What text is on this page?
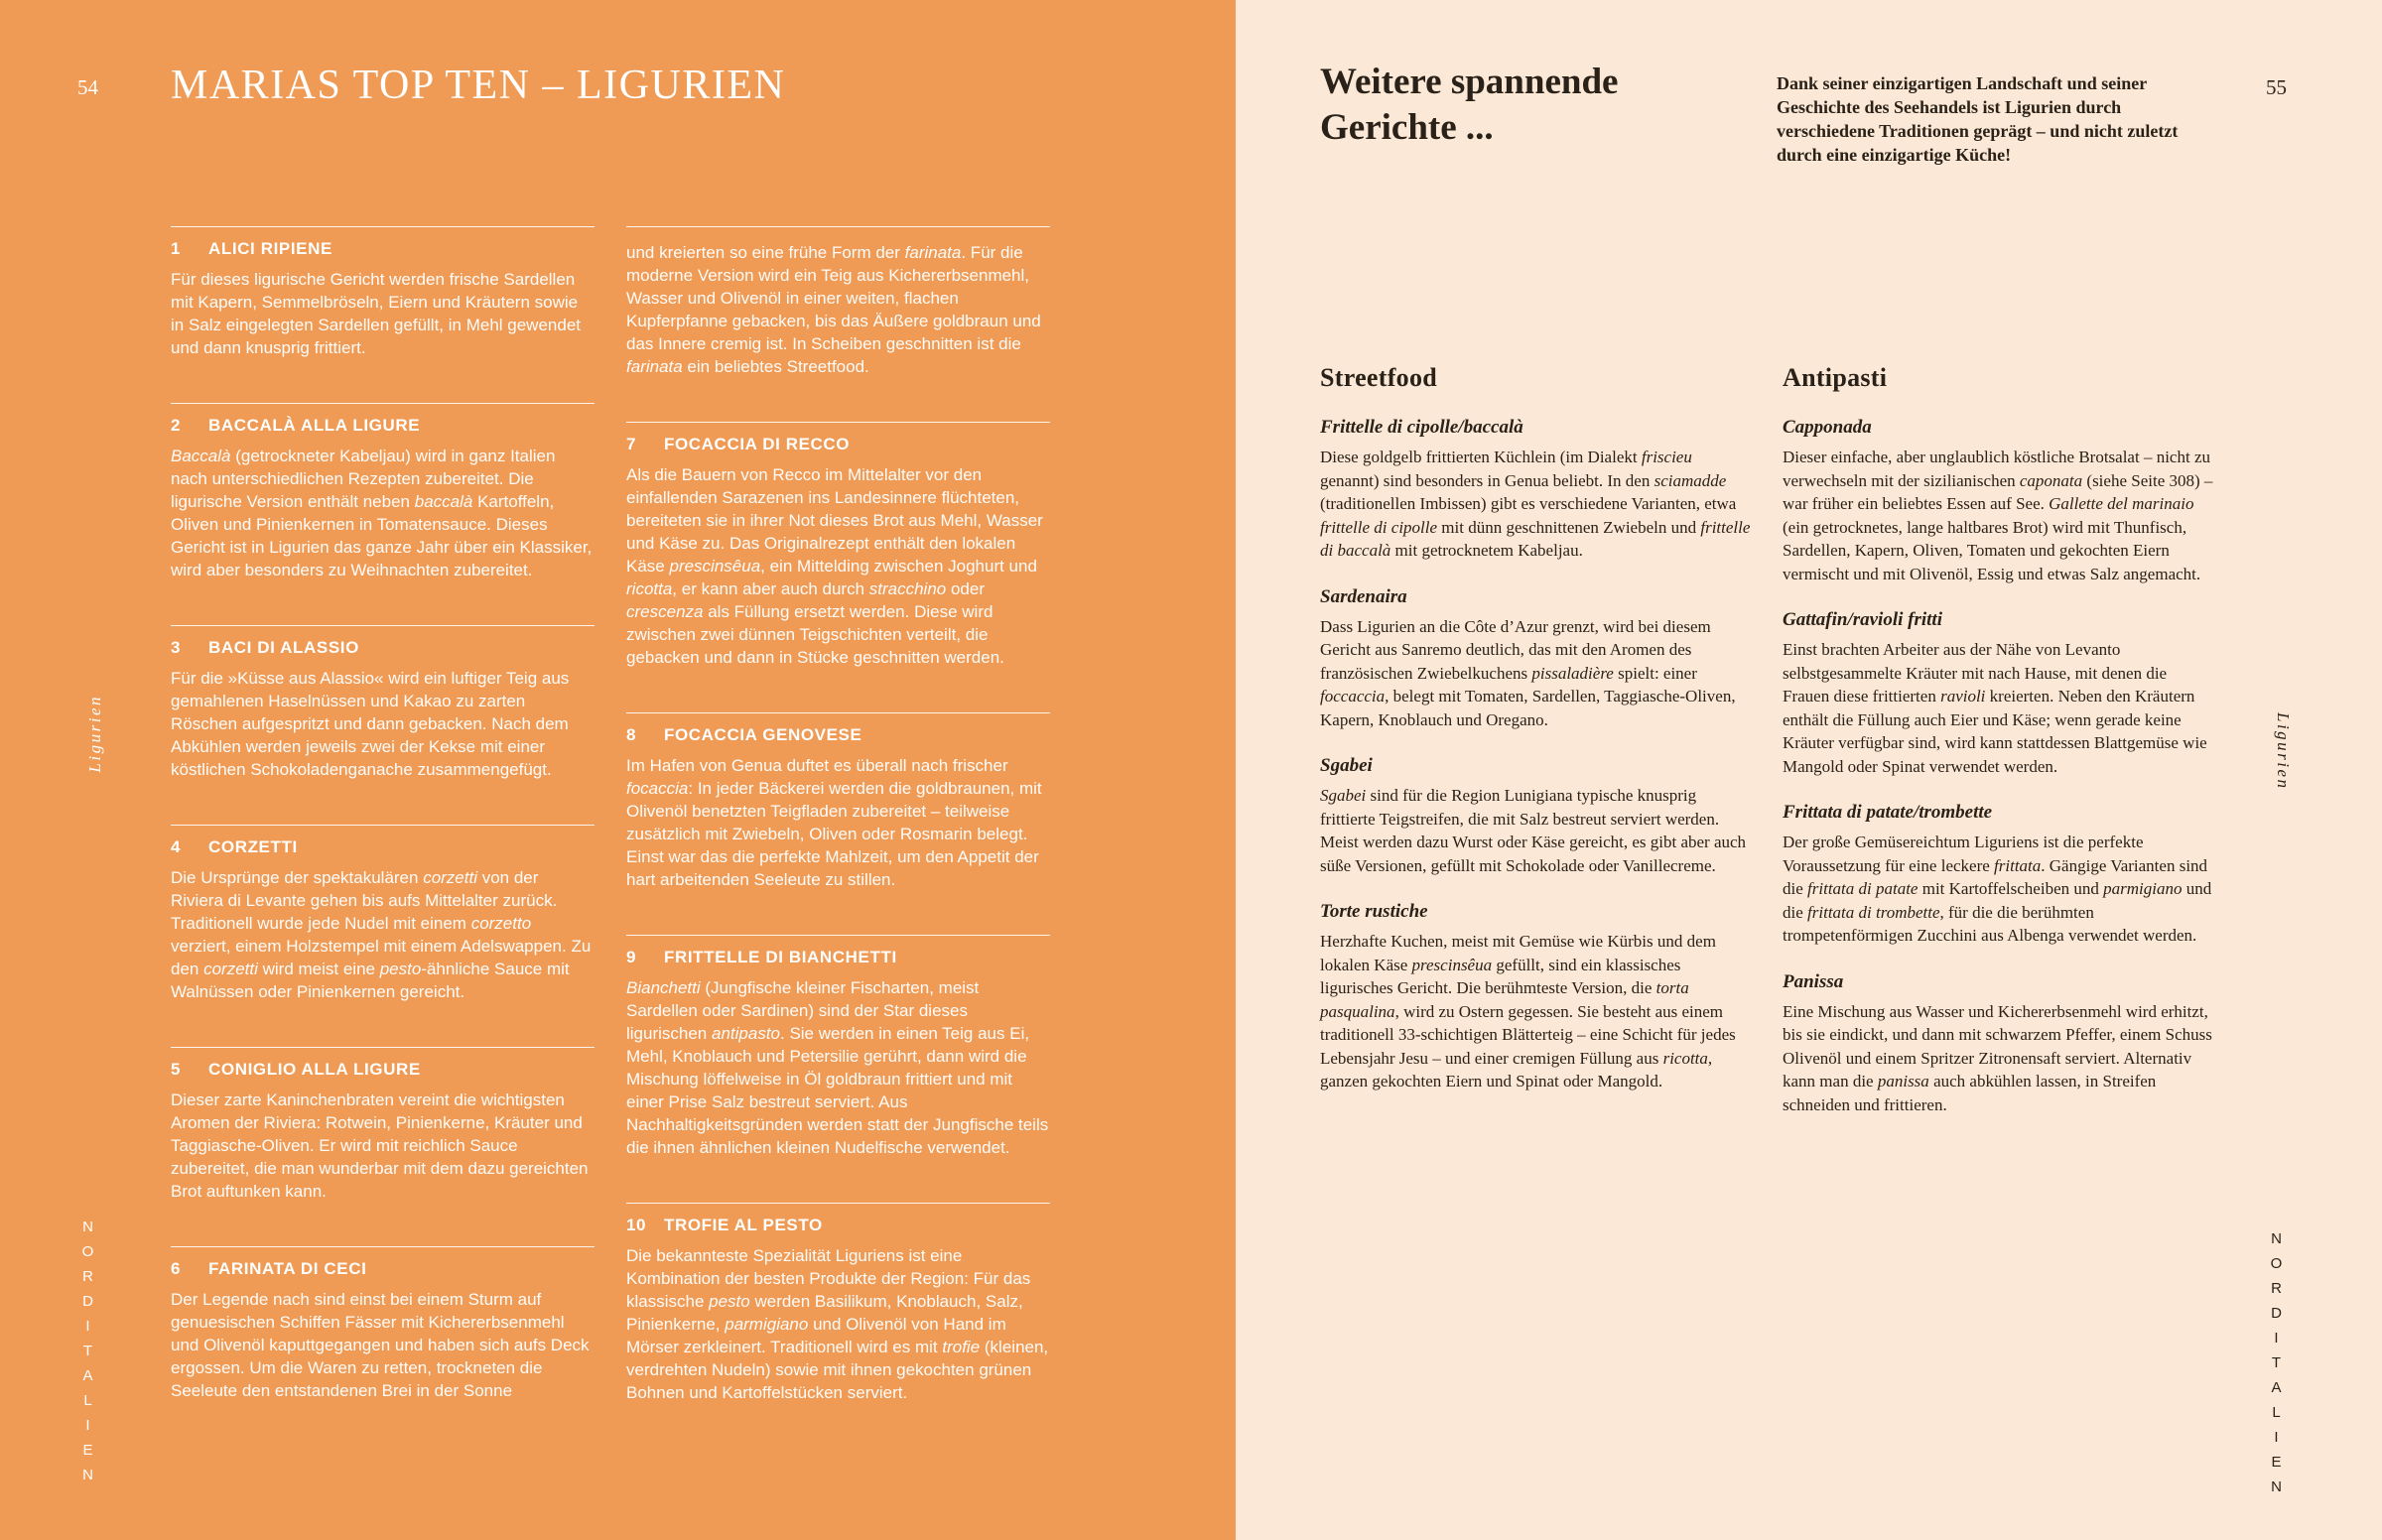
54 MARIAS TOP TEN – LIGURIEN
1	ALICI RIPIENE

Für dieses ligurische Gericht werden frische Sardellen mit Kapern, Semmelbröseln, Eiern und Kräutern sowie in Salz eingelegten Sardellen gefüllt, in Mehl gewendet und dann knusprig frittiert.

2	BACCALÀ ALLA LIGURE

Baccalà (getrockneter Kabeljau) wird in ganz Italien nach unterschiedlichen Rezepten zubereitet. Die ligurische Version enthält neben baccalà Kartoffeln, Oliven und Pinienkernen in Tomatensauce. Dieses Gericht ist in Ligurien das ganze Jahr über ein Klassiker, wird aber besonders zu Weihnachten zubereitet.

3	BACI DI ALASSIO

Für die »Küsse aus Alassio« wird ein luftiger Teig aus gemahlenen Haselnüssen und Kakao zu zarten Röschen aufgespritzt und dann gebacken. Nach dem Abkühlen werden jeweils zwei der Kekse mit einer köstlichen Schokoladenganache zusammengefügt.

4	CORZETTI

Die Ursprünge der spektakulären corzetti von der Riviera di Levante gehen bis aufs Mittelalter zurück. Traditionell wurde jede Nudel mit einem corzetto verziert, einem Holzstempel mit einem Adelswappen. Zu den corzetti wird meist eine pesto-ähnliche Sauce mit Walnüssen oder Pinienkernen gereicht.

5	CONIGLIO ALLA LIGURE

Dieser zarte Kaninchenbraten vereint die wichtigsten Aromen der Riviera: Rotwein, Pinienkerne, Kräuter und Taggiasche-Oliven. Er wird mit reichlich Sauce zubereitet, die man wunderbar mit dem dazu gereichten Brot auftunken kann.

6	FARINATA DI CECI

Der Legende nach sind einst bei einem Sturm auf genuesischen Schiffen Fässer mit Kichererbsenmehl und Olivenöl kaputtgegangen und haben sich aufs Deck ergossen. Um die Waren zu retten, trockneten die Seeleute den entstandenen Brei in der Sonne

und kreierten so eine frühe Form der farinata. Für die moderne Version wird ein Teig aus Kichererbsenmehl, Wasser und Olivenöl in einer weiten, flachen Kupferpfanne gebacken, bis das Äußere goldbraun und das Innere cremig ist. In Scheiben geschnitten ist die farinata ein beliebtes Streetfood.

7	FOCACCIA DI RECCO

Als die Bauern von Recco im Mittelalter vor den einfallenden Sarazenen ins Landesinnere flüchteten, bereiteten sie in ihrer Not dieses Brot aus Mehl, Wasser und Käse zu. Das Originalrezept enthält den lokalen Käse prescinsêua, ein Mittelding zwischen Joghurt und ricotta, er kann aber auch durch stracchino oder crescenza als Füllung ersetzt werden. Diese wird zwischen zwei dünnen Teigschichten verteilt, die gebacken und dann in Stücke geschnitten werden.

8	FOCACCIA GENOVESE

Im Hafen von Genua duftet es überall nach frischer focaccia: In jeder Bäckerei werden die goldbraunen, mit Olivenöl benetzten Teigfladen zubereitet – teilweise zusätzlich mit Zwiebeln, Oliven oder Rosmarin belegt. Einst war das die perfekte Mahlzeit, um den Appetit der hart arbeitenden Seeleute zu stillen.

9	FRITTELLE DI BIANCHETTI

Bianchetti (Jungfische kleiner Fischarten, meist Sardellen oder Sardinen) sind der Star dieses ligurischen antipasto. Sie werden in einen Teig aus Ei, Mehl, Knoblauch und Petersilie gerührt, dann wird die Mischung löffelweise in Öl goldbraun frittiert und mit einer Prise Salz bestreut serviert. Aus Nachhaltigkeitsgründen werden statt der Jungfische teils die ihnen ähnlichen kleinen Nudelfische verwendet.

10 TROFIE AL PESTO

Die bekannteste Spezialität Liguriens ist eine Kombination der besten Produkte der Region: Für das klassische pesto werden Basilikum, Knoblauch, Salz, Pinienkerne, parmigiano und Olivenöl von Hand im Mörser zerkleinert. Traditionell wird es mit trofie (kleinen, verdrehten Nudeln) sowie mit ihnen gekochten grünen Bohnen und Kartoffelstücken serviert.

Ligurien
NORDITALIEN
Weitere spannende Gerichte ...

Dank seiner einzigartigen Landschaft und seiner Geschichte des Seehandels ist Ligurien durch verschiedene Traditionen geprägt – und nicht zuletzt durch eine einzigartige Küche!

55
Streetfood
Frittelle di cipolle/baccalà

Diese goldgelb frittierten Küchlein (im Dialekt friscieu genannt) sind besonders in Genua beliebt. In den sciamadde (traditionellen Imbissen) gibt es verschiedene Varianten, etwa frittelle di cipolle mit dünn geschnittenen Zwiebeln und frittelle di baccalà mit getrocknetem Kabeljau.

Sardenaira

Dass Ligurien an die Côte d’Azur grenzt, wird bei diesem Gericht aus Sanremo deutlich, das mit den Aromen des französischen Zwiebelkuchens pissaladière spielt: einer foccaccia, belegt mit Tomaten, Sardellen, Taggiasche-Oliven, Kapern, Knoblauch und Oregano.

Sgabei

Sgabei sind für die Region Lunigiana typische knusprig frittierte Teigstreifen, die mit Salz bestreut serviert werden. Meist werden dazu Wurst oder Käse gereicht, es gibt aber auch süße Versionen, gefüllt mit Schokolade oder Vanillecreme.

Torte rustiche

Herzhafte Kuchen, meist mit Gemüse wie Kürbis und dem lokalen Käse prescinsêua gefüllt, sind ein klassisches ligurisches Gericht. Die berühmteste Version, die torta pasqualina, wird zu Ostern gegessen. Sie besteht aus einem traditionell 33-schichtigen Blätterteig – eine Schicht für jedes Lebensjahr Jesu – und einer cremigen Füllung aus ricotta, ganzen gekochten Eiern und Spinat oder Mangold.

Antipasti
Capponada

Dieser einfache, aber unglaublich köstliche Brotsalat – nicht zu verwechseln mit der sizilianischen caponata (siehe Seite 308) – war früher ein beliebtes Essen auf See. Gallette del marinaio (ein getrocknetes, lange haltbares Brot) wird mit Thunfisch, Sardellen, Kapern, Oliven, Tomaten und gekochten Eiern vermischt und mit Olivenöl, Essig und etwas Salz angemacht.

Gattafin/ravioli fritti

Einst brachten Arbeiter aus der Nähe von Levanto selbstgesammelte Kräuter mit nach Hause, mit denen die Frauen diese frittierten ravioli kreierten. Neben den Kräutern enthält die Füllung auch Eier und Käse; wenn gerade keine Kräuter verfügbar sind, wird kann stattdessen Blattgemüse wie Mangold oder Spinat verwendet werden.

Frittata di patate/trombette

Der große Gemüsereichtum Liguriens ist die perfekte Voraussetzung für eine leckere frittata. Gängige Varianten sind die frittata di patate mit Kartoffelscheiben und parmigiano und die frittata di trombette, für die die berühmten trompetenförmigen Zucchini aus Albenga verwendet werden.

Panissa

Eine Mischung aus Wasser und Kichererbsenmehl wird erhitzt, bis sie eindickt, und dann mit schwarzem Pfeffer, einem Schuss Olivenöl und einem Spritzer Zitronensaft serviert. Alternativ kann man die panissa auch abkühlen lassen, in Streifen schneiden und frittieren.

Ligurien
NORDITALIEN
